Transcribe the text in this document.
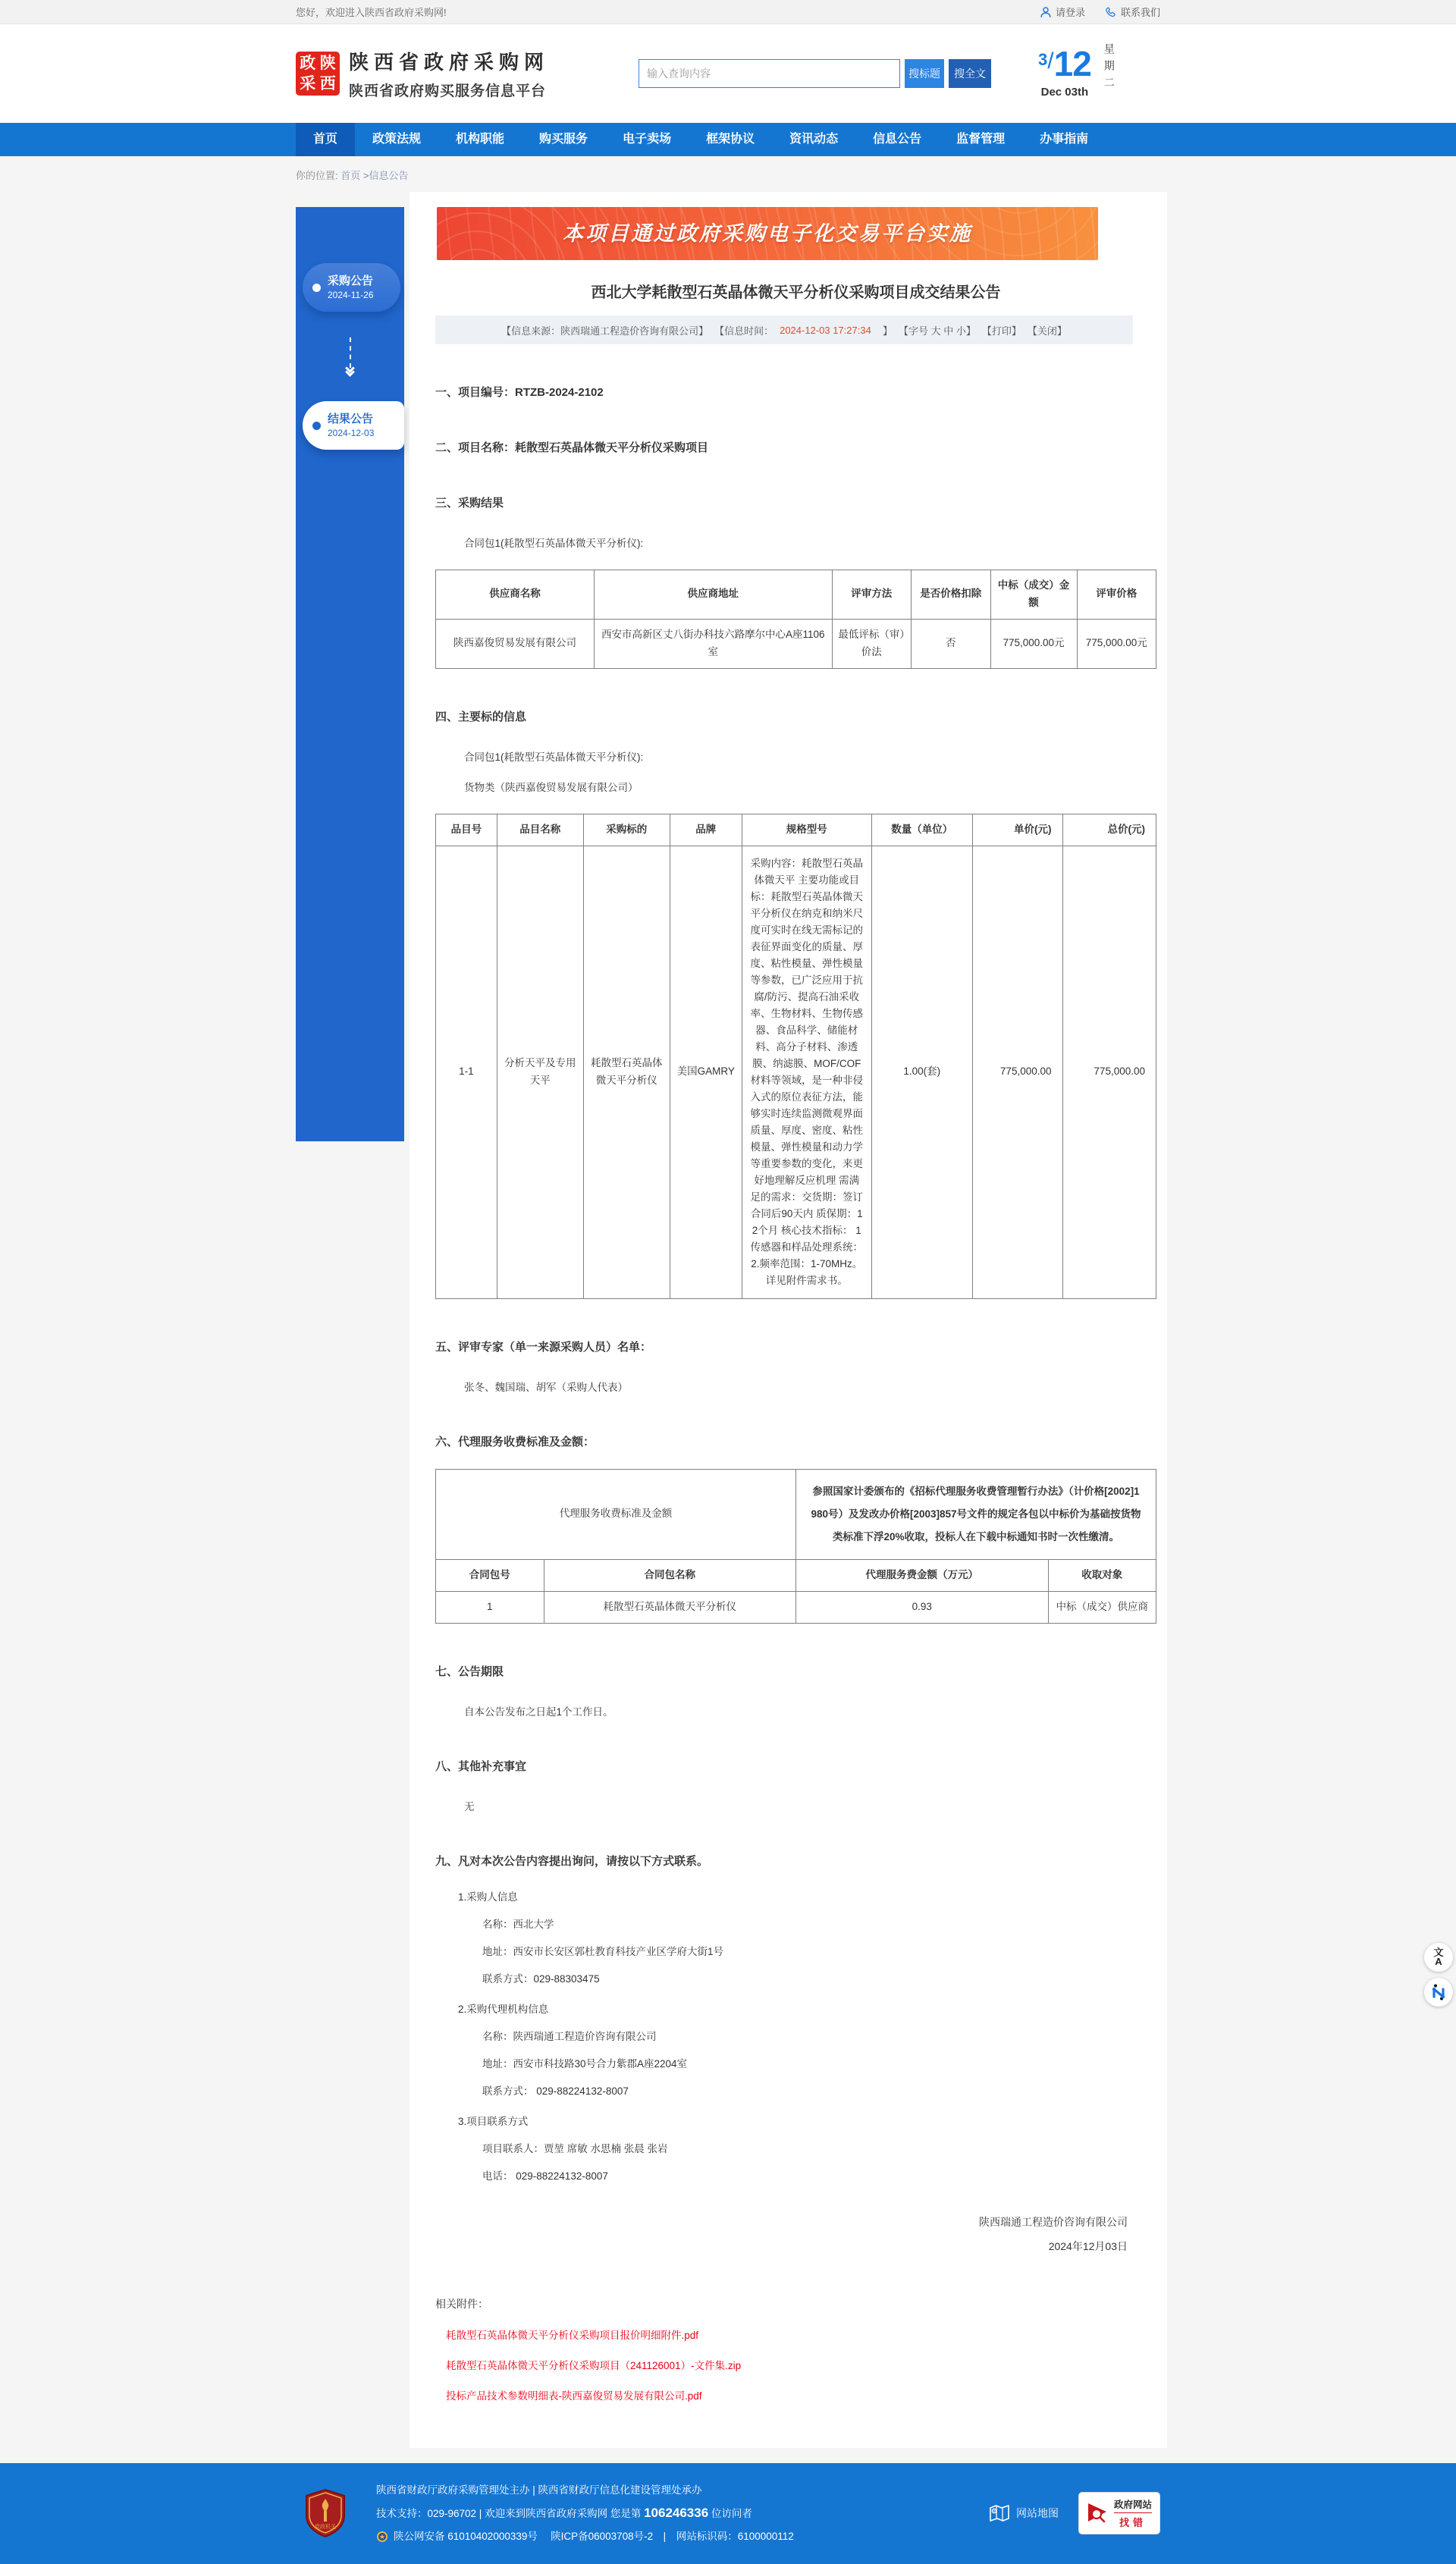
您好，欢迎进入陕西省政府采购网!	请登录	联系我们
政 陕
采 西
陕西省政府采购网
陕西省政府购买服务信息平台
输入查询内容
搜标题	搜全文
3/12
Dec 03th 星期二
首页	政策法规	机构职能	购买服务	电子卖场	框架协议	资讯动态	信息公告	监督管理	办事指南
你的位置: 首页 >信息公告
采购公告
2024-11-26
结果公告
2024-12-03
本项目通过政府采购电子化交易平台实施
西北大学耗散型石英晶体微天平分析仪采购项目成交结果公告
【信息来源：陕西瑞通工程造价咨询有限公司】 【信息时间： 2024-12-03 17:27:34 】 【字号 大 中 小】 【打印】 【关闭】
一、项目编号：RTZB-2024-2102
二、项目名称：耗散型石英晶体微天平分析仪采购项目
三、采购结果
合同包1(耗散型石英晶体微天平分析仪):
供应商名称	供应商地址	评审方法	是否价格扣除	中标（成交）金额	评审价格
陕西嘉俊贸易发展有限公司	西安市高新区丈八街办科技六路摩尔中心A座1106室	最低评标（审）价法	否	775,000.00元	775,000.00元
四、主要标的信息
合同包1(耗散型石英晶体微天平分析仪):
货物类（陕西嘉俊贸易发展有限公司）
品目号	品目名称	采购标的	品牌	规格型号	数量（单位）	单价(元)	总价(元)
1-1	分析天平及专用天平	耗散型石英晶体微天平分析仪	美国GAMRY	采购内容：耗散型石英晶体微天平 主要功能或目标：耗散型石英晶体微天平分析仪在纳克和纳米尺度可实时在线无需标记的表征界面变化的质量、厚度、粘性模量、弹性模量等参数，已广泛应用于抗腐/防污、提高石油采收率、生物材料、生物传感器、食品科学、储能材料、高分子材料、渗透膜、纳滤膜、MOF/COF材料等领域，是一种非侵入式的原位表征方法，能够实时连续监测微观界面质量、厚度、密度、粘性模量、弹性模量和动力学等重要参数的变化，来更好地理解反应机理 需满足的需求：交货期：签订合同后90天内 质保期：12个月 核心技术指标： 1传感器和样品处理系统： 2.频率范围：1-70MHz。详见附件需求书。	1.00(套)	775,000.00	775,000.00
五、评审专家（单一来源采购人员）名单：
张冬、魏国瑞、胡军（采购人代表）
六、代理服务收费标准及金额：
代理服务收费标准及金额		参照国家计委颁布的《招标代理服务收费管理暂行办法》（计价格[2002]1980号）及发改办价格[2003]857号文件的规定各包以中标价为基础按货物类标准下浮20%收取，投标人在下载中标通知书时一次性缴清。	
合同包号	合同包名称	代理服务费金额（万元）	收取对象
1	耗散型石英晶体微天平分析仪	0.93	中标（成交）供应商
七、公告期限
自本公告发布之日起1个工作日。
八、其他补充事宜
无
九、凡对本次公告内容提出询问，请按以下方式联系。
1.采购人信息
名称：西北大学
地址：西安市长安区郭杜教育科技产业区学府大街1号
联系方式：029-88303475
2.采购代理机构信息
名称：陕西瑞通工程造价咨询有限公司
地址：西安市科技路30号合力紫郡A座2204室
联系方式： 029-88224132-8007
3.项目联系方式
项目联系人：贾堃 席敏 水思楠 张晨 张岩
电话： 029-88224132-8007
陕西瑞通工程造价咨询有限公司
2024年12月03日
相关附件：
耗散型石英晶体微天平分析仪采购项目报价明细附件.pdf
耗散型石英晶体微天平分析仪采购项目（241126001）-文件集.zip
投标产品技术参数明细表-陕西嘉俊贸易发展有限公司.pdf
党政机关
陕西省财政厅政府采购管理处主办 | 陕西省财政厅信息化建设管理处承办
技术支持：029-96702 | 欢迎来到陕西省政府采购网 您是第 106246336 位访问者
陕公网安备 61010402000339号　 陕ICP备06003708号-2　|　网站标识码：6100000112
网站地图
政府网站
找错
文
A
